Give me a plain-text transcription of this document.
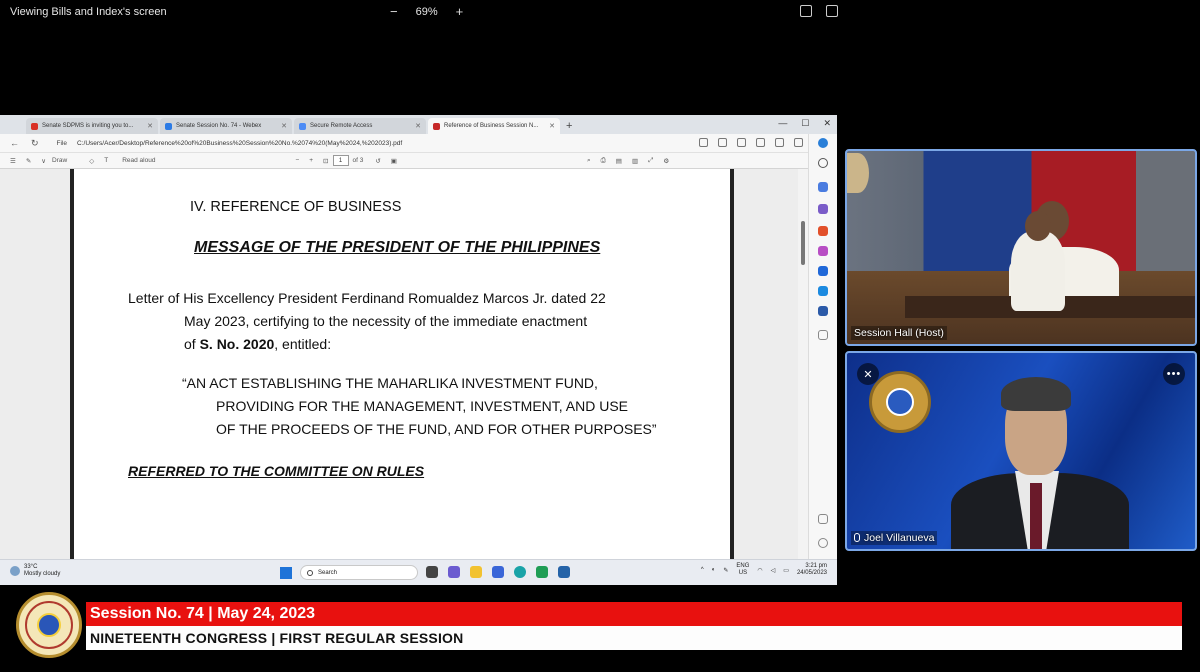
Viewing Bills and Index's screen	− 69% +
Senate SDPMS is inviting you to... ✕	Senate Session No. 74 - Webex	✕	Secure Remote Access	✕	Reference of Business Session N... ✕ +	— ☐ ✕
← ↻	File C:/Users/Acer/Desktop/Reference%20of%20Business%20Session%20No.%2074%20(May%2024,%202023).pdf
☰ ✎ ∨ Draw	◇ T Read aloud	− + ⊡	1	of 3 ↺ ▣	⌕ ⎙ ▤ ▥ ⤢ ⚙
IV. REFERENCE OF BUSINESS
MESSAGE OF THE PRESIDENT OF THE PHILIPPINES
Letter of His Excellency President Ferdinand Romualdez Marcos Jr. dated 22
May 2023, certifying to the necessity of the immediate enactment
of S. No. 2020, entitled:
“AN ACT ESTABLISHING THE MAHARLIKA INVESTMENT FUND,
PROVIDING FOR THE MANAGEMENT, INVESTMENT, AND USE
OF THE PROCEEDS OF THE FUND, AND FOR OTHER PURPOSES”
REFERRED TO THE COMMITTEE ON RULES
33°C
Mostly cloudy	Search	^ ◐ ✎
ENG
US	◠ ◁ ▭
3:21 pm
24/05/2023
Session Hall (Host)
✕	•••
Joel Villanueva
Session No. 74 | May 24, 2023
NINETEENTH CONGRESS | FIRST REGULAR SESSION
